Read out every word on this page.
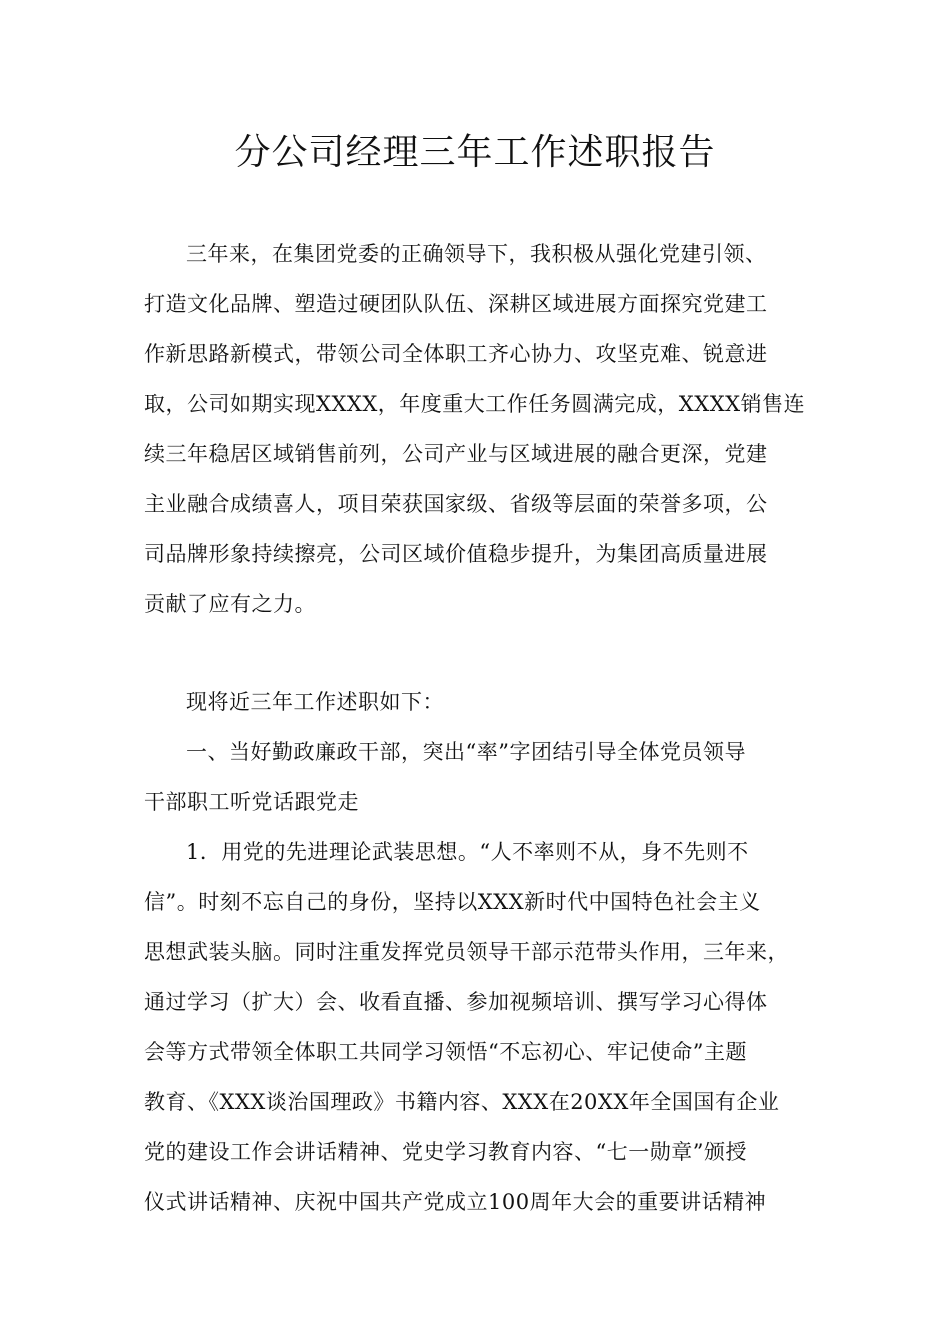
分公司经理三年工作述职报告
三年来，在集团党委的正确领导下，我积极从强化党建引领、
打造文化品牌、塑造过硬团队队伍、深耕区域进展方面探究党建工
作新思路新模式，带领公司全体职工齐心协力、攻坚克难、锐意进
取，公司如期实现XXXX，年度重大工作任务圆满完成，XXXX销售连
续三年稳居区域销售前列，公司产业与区域进展的融合更深，党建
主业融合成绩喜人，项目荣获国家级、省级等层面的荣誉多项，公
司品牌形象持续擦亮，公司区域价值稳步提升，为集团高质量进展
贡献了应有之力。
现将近三年工作述职如下：
一、当好勤政廉政干部，突出“率”字团结引导全体党员领导
干部职工听党话跟党走
1．用党的先进理论武装思想。“人不率则不从，身不先则不
信”。时刻不忘自己的身份，坚持以XXX新时代中国特色社会主义
思想武装头脑。同时注重发挥党员领导干部示范带头作用，三年来，
通过学习（扩大）会、收看直播、参加视频培训、撰写学习心得体
会等方式带领全体职工共同学习领悟“不忘初心、牢记使命”主题
教育、《XXX谈治国理政》书籍内容、XXX在20XX年全国国有企业
党的建设工作会讲话精神、党史学习教育内容、“七一勋章”颁授
仪式讲话精神、庆祝中国共产党成立100周年大会的重要讲话精神
